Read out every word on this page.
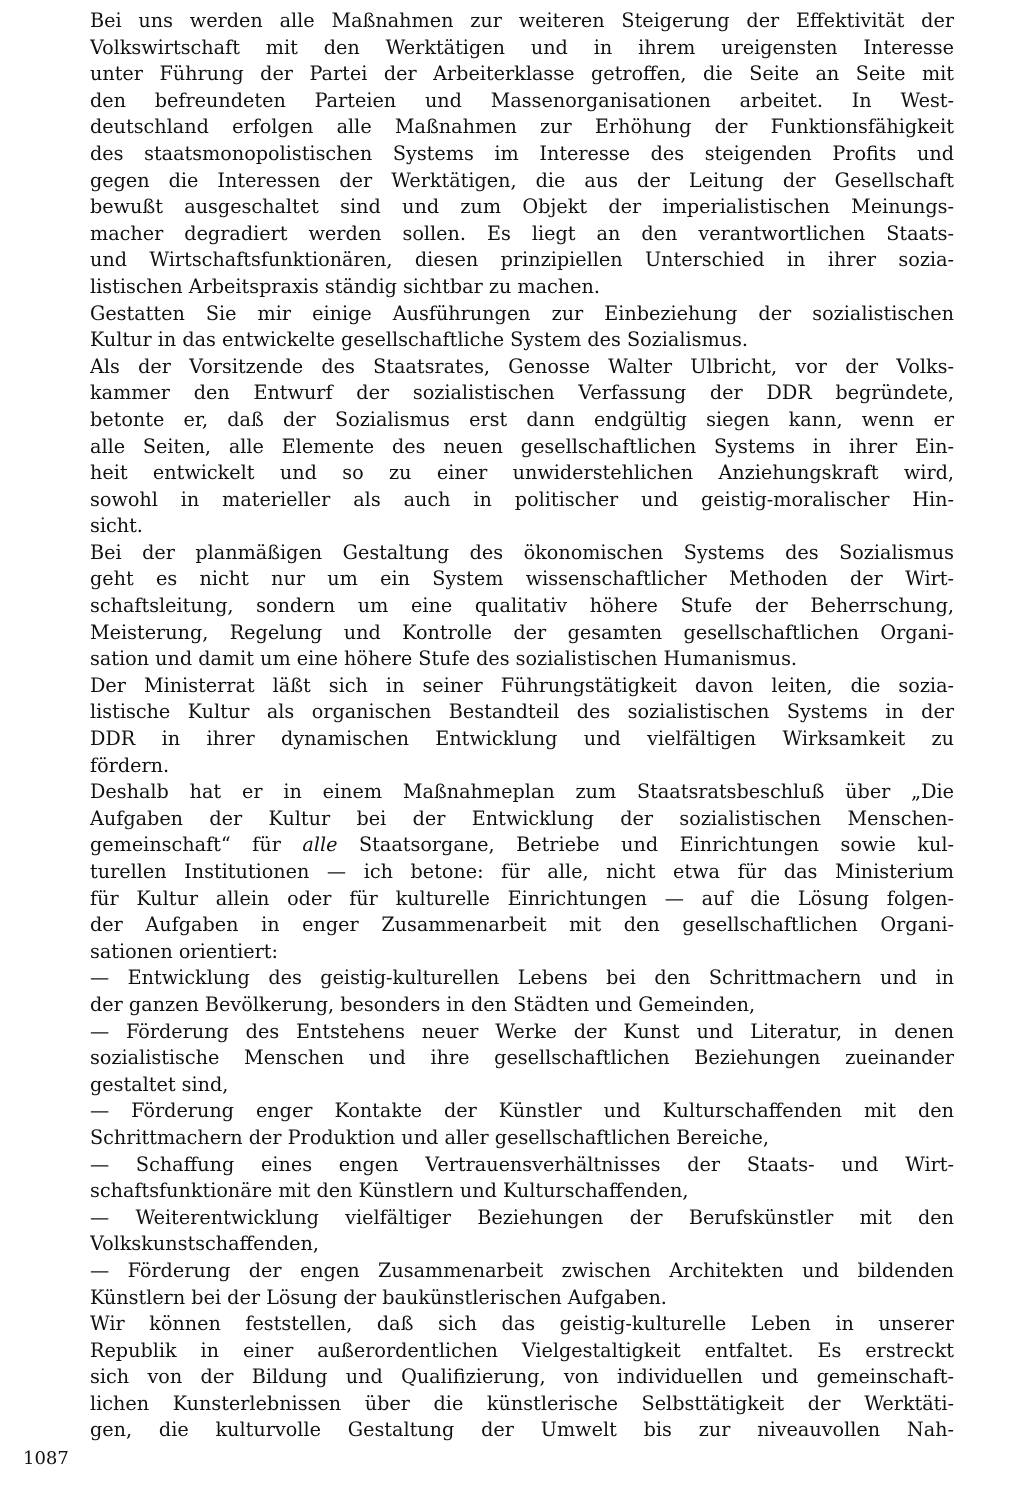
Bei uns werden alle Maßnahmen zur weiteren Steigerung der Effektivität der
Volkswirtschaft mit den Werktätigen und in ihrem ureigensten Interesse
unter Führung der Partei der Arbeiterklasse getroffen, die Seite an Seite mit
den befreundeten Parteien und Massenorganisationen arbeitet. In West-
deutschland erfolgen alle Maßnahmen zur Erhöhung der Funktionsfähigkeit
des staatsmonopolistischen Systems im Interesse des steigenden Profits und
gegen die Interessen der Werktätigen, die aus der Leitung der Gesellschaft
bewußt ausgeschaltet sind und zum Objekt der imperialistischen Meinungs-
macher degradiert werden sollen. Es liegt an den verantwortlichen Staats-
und Wirtschaftsfunktionären, diesen prinzipiellen Unterschied in ihrer sozia-
listischen Arbeitspraxis ständig sichtbar zu machen.
Gestatten Sie mir einige Ausführungen zur Einbeziehung der sozialistischen
Kultur in das entwickelte gesellschaftliche System des Sozialismus.
Als der Vorsitzende des Staatsrates, Genosse Walter Ulbricht, vor der Volks-
kammer den Entwurf der sozialistischen Verfassung der DDR begründete,
betonte er, daß der Sozialismus erst dann endgültig siegen kann, wenn er
alle Seiten, alle Elemente des neuen gesellschaftlichen Systems in ihrer Ein-
heit entwickelt und so zu einer unwiderstehlichen Anziehungskraft wird,
sowohl in materieller als auch in politischer und geistig-moralischer Hin-
sicht.
Bei der planmäßigen Gestaltung des ökonomischen Systems des Sozialismus
geht es nicht nur um ein System wissenschaftlicher Methoden der Wirt-
schaftsleitung, sondern um eine qualitativ höhere Stufe der Beherrschung,
Meisterung, Regelung und Kontrolle der gesamten gesellschaftlichen Organi-
sation und damit um eine höhere Stufe des sozialistischen Humanismus.
Der Ministerrat läßt sich in seiner Führungstätigkeit davon leiten, die sozia-
listische Kultur als organischen Bestandteil des sozialistischen Systems in der
DDR in ihrer dynamischen Entwicklung und vielfältigen Wirksamkeit zu
fördern.
Deshalb hat er in einem Maßnahmeplan zum Staatsratsbeschluß über „Die
Aufgaben der Kultur bei der Entwicklung der sozialistischen Menschen-
gemeinschaft“ für alle Staatsorgane, Betriebe und Einrichtungen sowie kul-
turellen Institutionen — ich betone: für alle, nicht etwa für das Ministerium
für Kultur allein oder für kulturelle Einrichtungen — auf die Lösung folgen-
der Aufgaben in enger Zusammenarbeit mit den gesellschaftlichen Organi-
sationen orientiert:
— Entwicklung des geistig-kulturellen Lebens bei den Schrittmachern und in
der ganzen Bevölkerung, besonders in den Städten und Gemeinden,
— Förderung des Entstehens neuer Werke der Kunst und Literatur, in denen
sozialistische Menschen und ihre gesellschaftlichen Beziehungen zueinander
gestaltet sind,
— Förderung enger Kontakte der Künstler und Kulturschaffenden mit den
Schrittmachern der Produktion und aller gesellschaftlichen Bereiche,
— Schaffung eines engen Vertrauensverhältnisses der Staats- und Wirt-
schaftsfunktionäre mit den Künstlern und Kulturschaffenden,
— Weiterentwicklung vielfältiger Beziehungen der Berufskünstler mit den
Volkskunstschaffenden,
— Förderung der engen Zusammenarbeit zwischen Architekten und bildenden
Künstlern bei der Lösung der baukünstlerischen Aufgaben.
Wir können feststellen, daß sich das geistig-kulturelle Leben in unserer
Republik in einer außerordentlichen Vielgestaltigkeit entfaltet. Es erstreckt
sich von der Bildung und Qualifizierung, von individuellen und gemeinschaft-
lichen Kunsterlebnissen über die künstlerische Selbsttätigkeit der Werktäti-
gen, die kulturvolle Gestaltung der Umwelt bis zur niveauvollen Nah-
1087
